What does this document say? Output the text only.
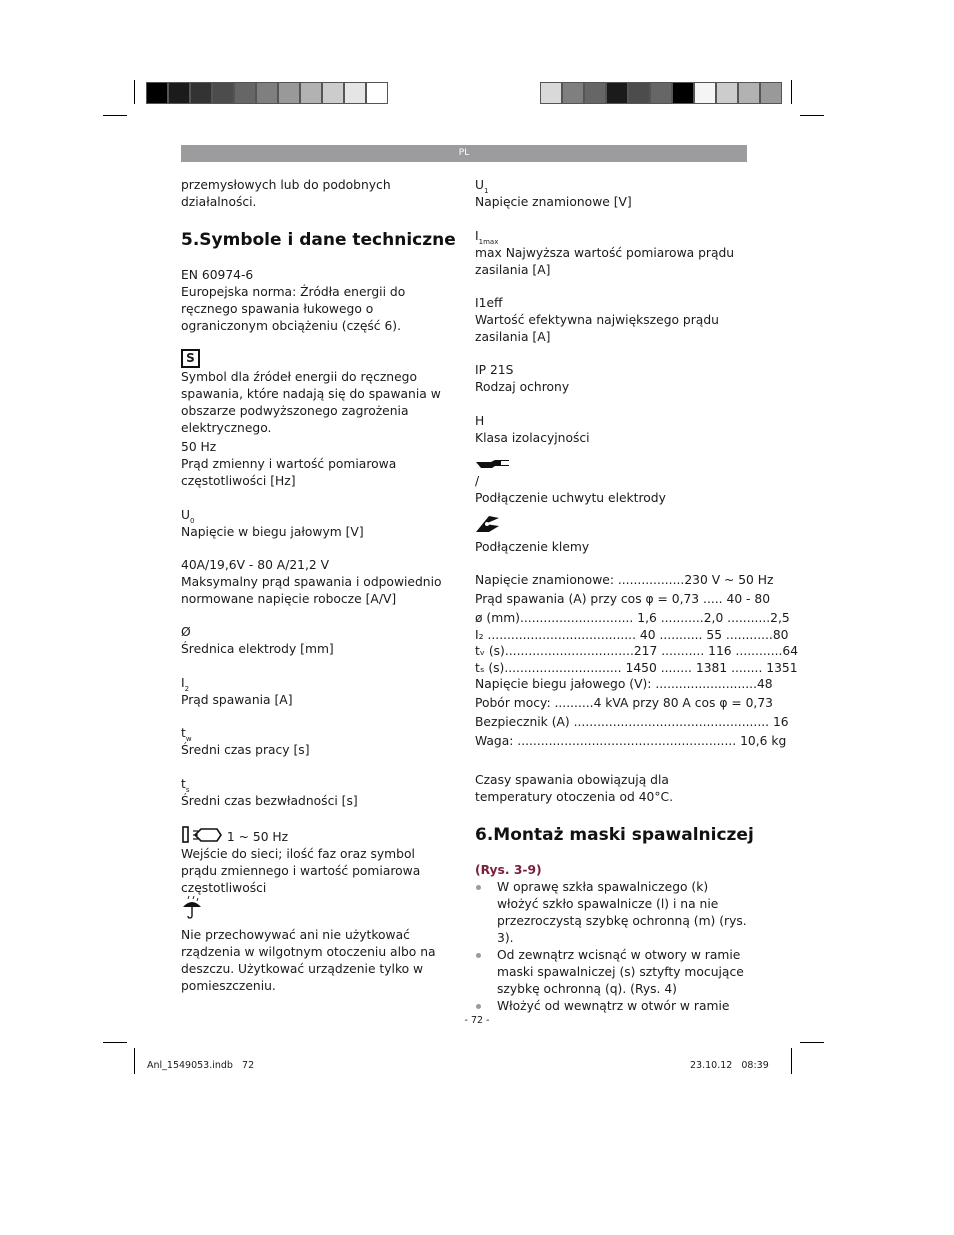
PL

przemysłowych lub do podobnych działalności.

5.Symbole i dane techniczne

EN 60974-6

Europejska norma: Źródła energii do ręcznego spawania łukowego o ograniczonym obciążeniu (część 6).

S

Symbol dla źródeł energii do ręcznego spawania, które nadają się do spawania w obszarze podwyższonego zagrożenia elektrycznego.

50 Hz

Prąd zmienny i wartość pomiarowa częstotliwości [Hz]

$U_0$

Napięcie w biegu jałowym [V]

40A/19,6V - 80 A/21,2 V

Maksymalny prąd spawania i odpowiednio normowane napięcie robocze [A/V]

Ø

Średnica elektrody [mm]

$I_2$

Prąd spawania [A]

$t_w$

Średni czas pracy [s]

$t_s$

Średni czas bezwładności [s]

1 ~ 50 Hz

Wejście do sieci; ilość faz oraz symbol prądu zmiennego i wartość pomiarowa częstotliwości

Nie przechowywać ani nie użytkować rządzenia w wilgotnym otoczeniu albo na deszczu. Użytkować urządzenie tylko w pomieszczeniu.

$U_1$

Napięcie znamionowe [V]

$I_{1max}$

max Najwyższa wartość pomiarowa prądu zasilania [A]

I1eff

Wartość efektywna największego prądu zasilania [A]

IP 21S

Rodzaj ochrony

H

Klasa izolacyjności

/

Podłączenie uchwytu elektrody

Podłączenie klemy

Napięcie znamionowe: .................230 V ~ 50 Hz
Prąd spawania (A) przy cos φ = 0,73 ..... 40 - 80
ø (mm)............................. 1,6 ...........2,0 ...........2,5
I₂ ...................................... 40 ........... 55 ............80
tᵥ (s).................................217 ........... 116 ............64
tₛ (s).............................. 1450 ........ 1381 ........ 1351
Napięcie biegu jałowego (V): ..........................48
Pobór mocy: ..........4 kVA przy 80 A cos φ = 0,73
Bezpiecznik (A) .................................................. 16
Waga: ........................................................ 10,6 kg

Czasy spawania obowiązują dla temperatury otoczenia od 40°C.

6.Montaż maski spawalniczej

(Rys. 3-9)

W oprawę szkła spawalniczego (k) włożyć szkło spawalnicze (l) i na nie przezroczystą szybkę ochronną (m) (rys. 3).
Od zewnątrz wcisnąć w otwory w ramie maski spawalniczej (s) sztyfty mocujące szybkę ochronną (q). (Rys. 4)
Włożyć od wewnątrz w otwór w ramie
- 72 -
Anl_1549053.indb   72	23.10.12   08:39
